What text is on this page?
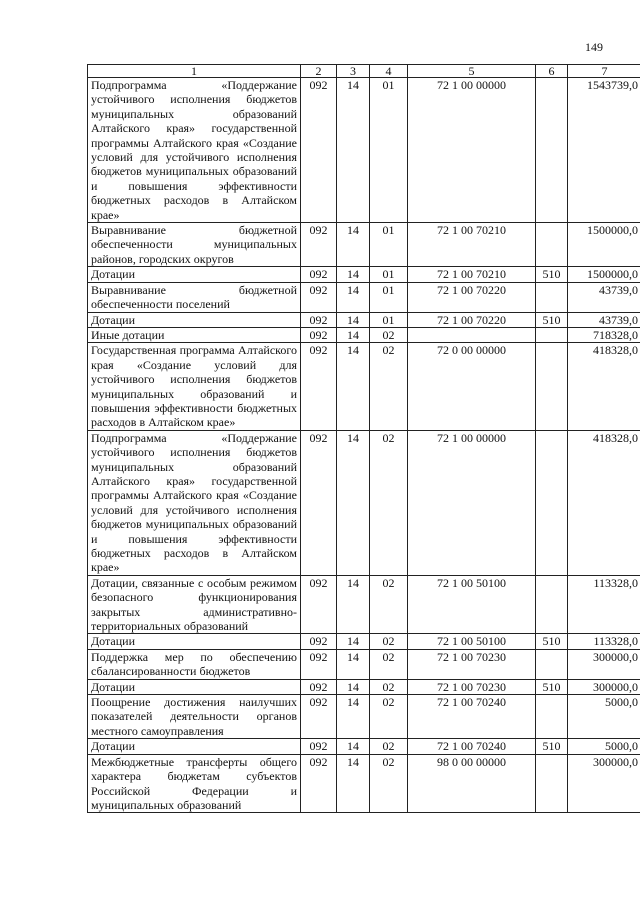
149
1	2	3	4	5	6	7
Подпрограмма «Поддержание устойчивого исполнения бюджетов муниципальных образований Алтайского края» государственной программы Алтайского края «Создание условий для устойчивого исполнения бюджетов муниципальных образований и повышения эффективности бюджетных расходов в Алтайском крае»	092	14	01	72 1 00 00000		1543739,0
Выравнивание бюджетной обеспеченности муниципальных районов, городских округов	092	14	01	72 1 00 70210		1500000,0
Дотации	092	14	01	72 1 00 70210	510	1500000,0
Выравнивание бюджетной обеспеченности поселений	092	14	01	72 1 00 70220		43739,0
Дотации	092	14	01	72 1 00 70220	510	43739,0
Иные дотации	092	14	02			718328,0
Государственная программа Алтайского края «Создание условий для устойчивого исполнения бюджетов муниципальных образований и повышения эффективности бюджетных расходов в Алтайском крае»	092	14	02	72 0 00 00000		418328,0
Подпрограмма «Поддержание устойчивого исполнения бюджетов муниципальных образований Алтайского края» государственной программы Алтайского края «Создание условий для устойчивого исполнения бюджетов муниципальных образований и повышения эффективности бюджетных расходов в Алтайском крае»	092	14	02	72 1 00 00000		418328,0
Дотации, связанные с особым режимом безопасного функционирования закрытых административно-территориальных образований	092	14	02	72 1 00 50100		113328,0
Дотации	092	14	02	72 1 00 50100	510	113328,0
Поддержка мер по обеспечению сбалансированности бюджетов	092	14	02	72 1 00 70230		300000,0
Дотации	092	14	02	72 1 00 70230	510	300000,0
Поощрение достижения наилучших показателей деятельности органов местного самоуправления	092	14	02	72 1 00 70240		5000,0
Дотации	092	14	02	72 1 00 70240	510	5000,0
Межбюджетные трансферты общего характера бюджетам субъектов Российской Федерации и муниципальных образований	092	14	02	98 0 00 00000		300000,0
